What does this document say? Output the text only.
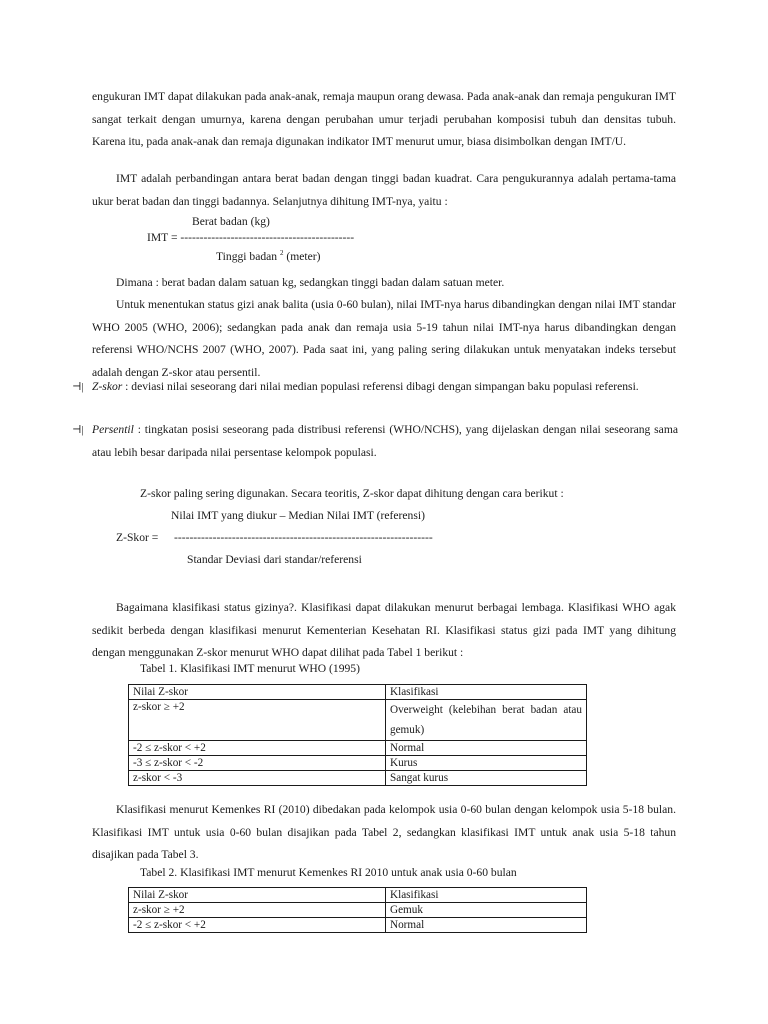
engukuran IMT dapat dilakukan pada anak-anak, remaja maupun orang dewasa. Pada anak-anak dan remaja pengukuran IMT sangat terkait dengan umurnya, karena dengan perubahan umur terjadi perubahan komposisi tubuh dan densitas tubuh. Karena itu, pada anak-anak dan remaja digunakan indikator IMT menurut umur, biasa disimbolkan dengan IMT/U.
IMT adalah perbandingan antara berat badan dengan tinggi badan kuadrat. Cara pengukurannya adalah pertama-tama ukur berat badan dan tinggi badannya. Selanjutnya dihitung IMT-nya, yaitu :
Berat badan (kg)
IMT = ---------------------------------------------
Tinggi badan $^2$ (meter)
Dimana : berat badan dalam satuan kg, sedangkan tinggi badan dalam satuan meter.
Untuk menentukan status gizi anak balita (usia 0-60 bulan), nilai IMT-nya harus dibandingkan dengan nilai IMT standar WHO 2005 (WHO, 2006); sedangkan pada anak dan remaja usia 5-19 tahun nilai IMT-nya harus dibandingkan dengan referensi WHO/NCHS 2007 (WHO, 2007). Pada saat ini, yang paling sering dilakukan untuk menyatakan indeks tersebut adalah dengan Z-skor atau persentil.
⊣| Z-skor : deviasi nilai seseorang dari nilai median populasi referensi dibagi dengan simpangan baku populasi referensi.
⊣| Persentil : tingkatan posisi seseorang pada distribusi referensi (WHO/NCHS), yang dijelaskan dengan nilai seseorang sama atau lebih besar daripada nilai persentase kelompok populasi.
Z-skor paling sering digunakan. Secara teoritis, Z-skor dapat dihitung dengan cara berikut :
Nilai IMT yang diukur – Median Nilai IMT (referensi)
Z-Skor = -------------------------------------------------------------------
Standar Deviasi dari standar/referensi
Bagaimana klasifikasi status gizinya?. Klasifikasi dapat dilakukan menurut berbagai lembaga. Klasifikasi WHO agak sedikit berbeda dengan klasifikasi menurut Kementerian Kesehatan RI. Klasifikasi status gizi pada IMT yang dihitung dengan menggunakan Z-skor menurut WHO dapat dilihat pada Tabel 1 berikut :
Tabel 1. Klasifikasi IMT menurut WHO (1995)
Nilai Z-skor	Klasifikasi
z-skor ≥ +2	Overweight (kelebihan berat badan atau gemuk)
-2 ≤ z-skor < +2	Normal
-3 ≤ z-skor < -2	Kurus
z-skor < -3	Sangat kurus
Klasifikasi menurut Kemenkes RI (2010) dibedakan pada kelompok usia 0-60 bulan dengan kelompok usia 5-18 bulan. Klasifikasi IMT untuk usia 0-60 bulan disajikan pada Tabel 2, sedangkan klasifikasi IMT untuk anak usia 5-18 tahun disajikan pada Tabel 3.
Tabel 2. Klasifikasi IMT menurut Kemenkes RI 2010 untuk anak usia 0-60 bulan
Nilai Z-skor	Klasifikasi
z-skor ≥ +2	Gemuk
-2 ≤ z-skor < +2	Normal
